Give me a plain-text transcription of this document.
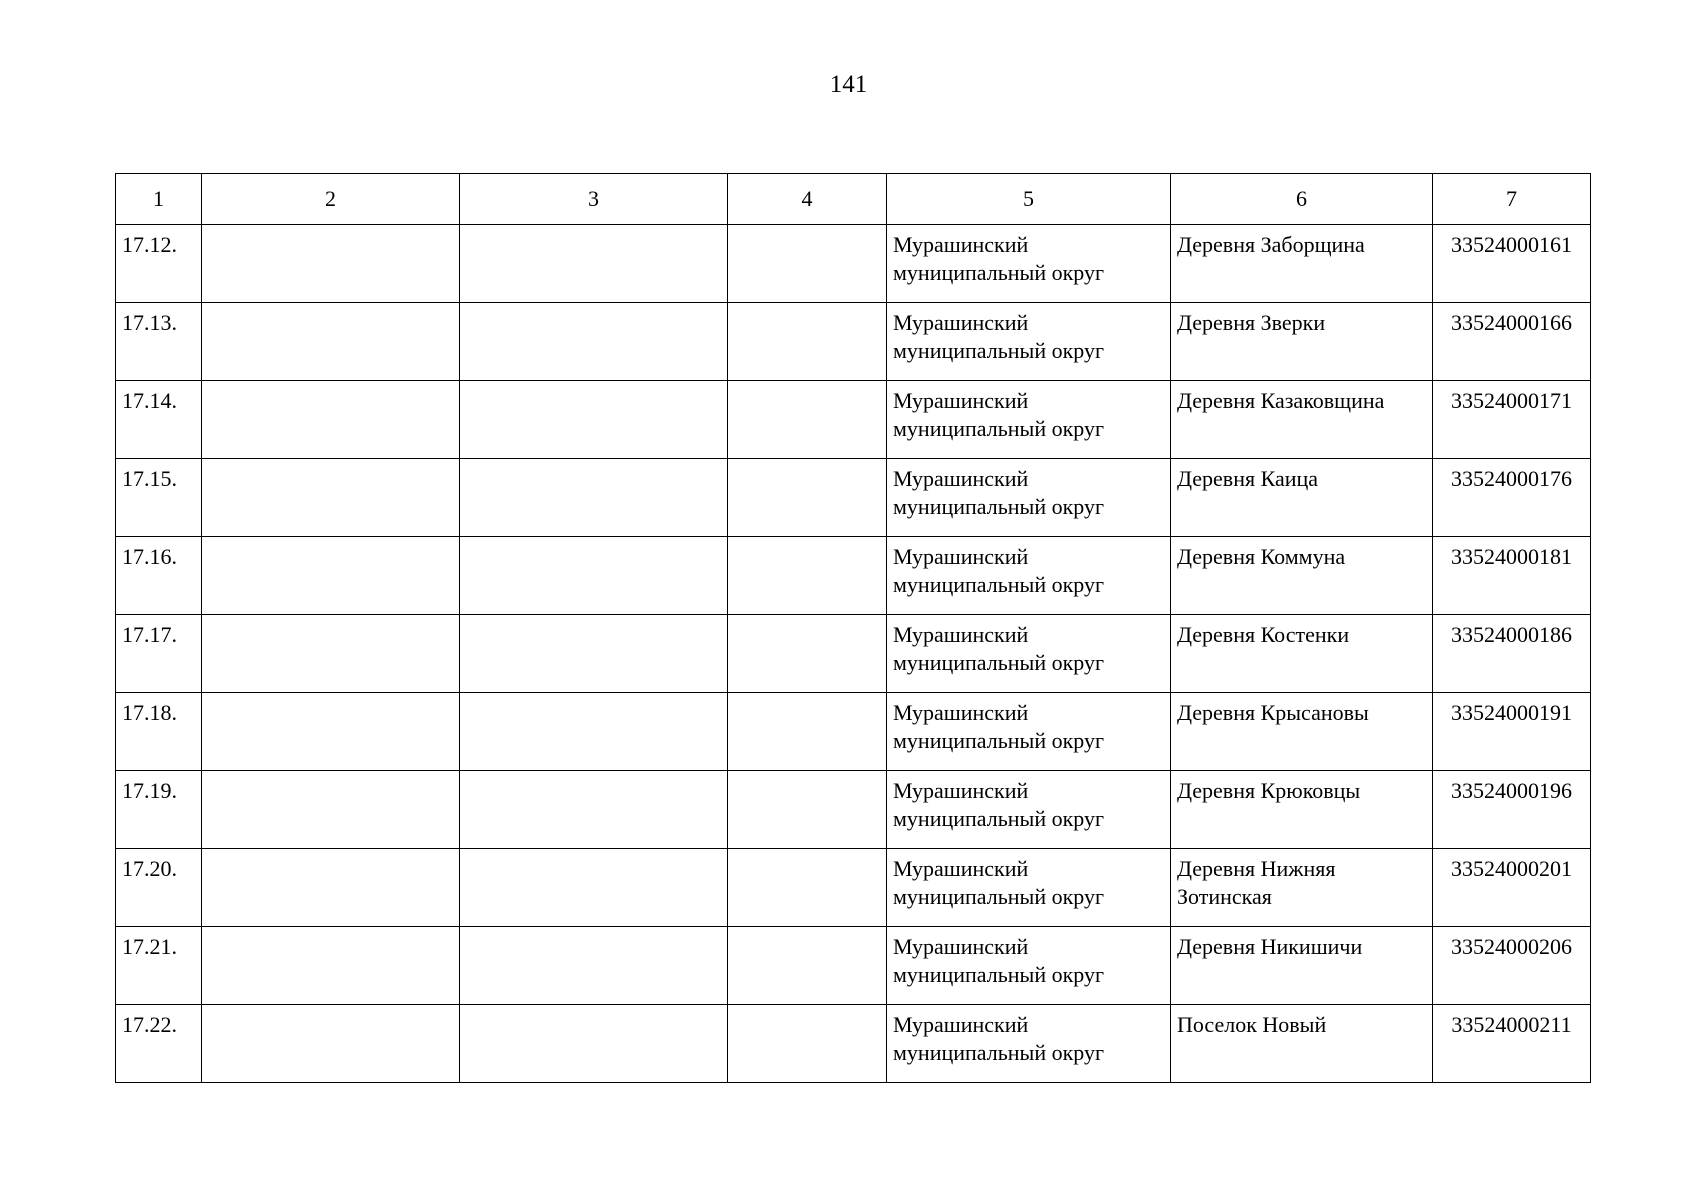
141
1	2	3	4	5	6	7
17.12.				Мурашинский муниципальный округ	Деревня Заборщина	33524000161
17.13.				Мурашинский муниципальный округ	Деревня Зверки	33524000166
17.14.				Мурашинский муниципальный округ	Деревня Казаковщина	33524000171
17.15.				Мурашинский муниципальный округ	Деревня Каица	33524000176
17.16.				Мурашинский муниципальный округ	Деревня Коммуна	33524000181
17.17.				Мурашинский муниципальный округ	Деревня Костенки	33524000186
17.18.				Мурашинский муниципальный округ	Деревня Крысановы	33524000191
17.19.				Мурашинский муниципальный округ	Деревня Крюковцы	33524000196
17.20.				Мурашинский муниципальный округ	Деревня Нижняя Зотинская	33524000201
17.21.				Мурашинский муниципальный округ	Деревня Никишичи	33524000206
17.22.				Мурашинский муниципальный округ	Поселок Новый	33524000211
